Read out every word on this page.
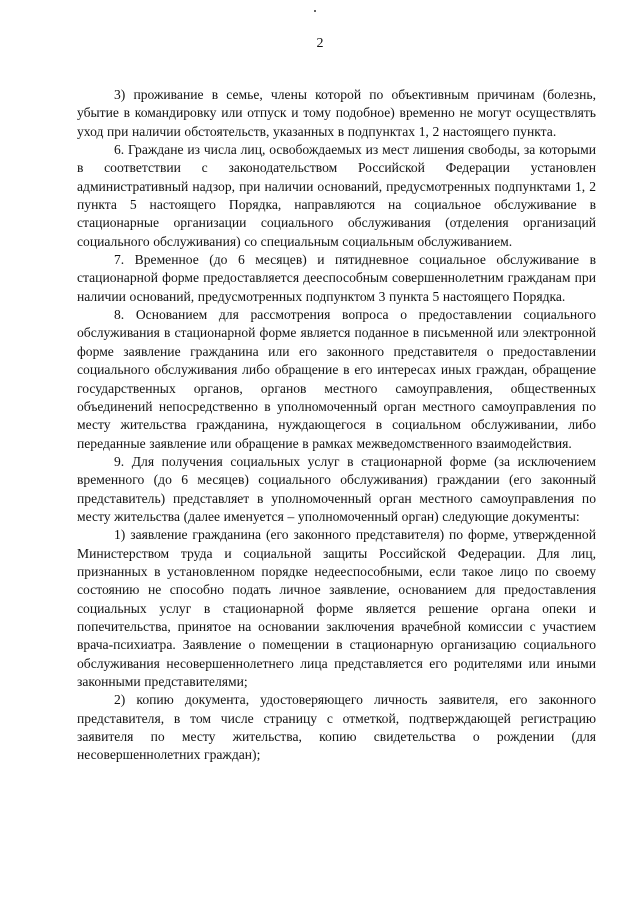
2

3) проживание в семье, члены которой по объективным причинам (болезнь, убытие в командировку или отпуск и тому подобное) временно не могут осуществлять уход при наличии обстоятельств, указанных в подпунктах 1, 2 настоящего пункта.

6. Граждане из числа лиц, освобождаемых из мест лишения свободы, за которыми в соответствии с законодательством Российской Федерации установлен административный надзор, при наличии оснований, предусмотренных подпунктами 1, 2 пункта 5 настоящего Порядка, направляются на социальное обслуживание в стационарные организации социального обслуживания (отделения организаций социального обслуживания) со специальным социальным обслуживанием.

7. Временное (до 6 месяцев) и пятидневное социальное обслуживание в стационарной форме предоставляется дееспособным совершеннолетним гражданам при наличии оснований, предусмотренных подпунктом 3 пункта 5 настоящего Порядка.

8. Основанием для рассмотрения вопроса о предоставлении социального обслуживания в стационарной форме является поданное в письменной или электронной форме заявление гражданина или его законного представителя о предоставлении социального обслуживания либо обращение в его интересах иных граждан, обращение государственных органов, органов местного самоуправления, общественных объединений непосредственно в уполномоченный орган местного самоуправления по месту жительства гражданина, нуждающегося в социальном обслуживании, либо переданные заявление или обращение в рамках межведомственного взаимодействия.

9. Для получения социальных услуг в стационарной форме (за исключением временного (до 6 месяцев) социального обслуживания) граждании (его законный представитель) представляет в уполномоченный орган местного самоуправления по месту жительства (далее именуется – уполномоченный орган) следующие документы:

1) заявление гражданина (его законного представителя) по форме, утвержденной Министерством труда и социальной защиты Российской Федерации. Для лиц, признанных в установленном порядке недееспособными, если такое лицо по своему состоянию не способно подать личное заявление, основанием для предоставления социальных услуг в стационарной форме является решение органа опеки и попечительства, принятое на основании заключения врачебной комиссии с участием врача-психиатра. Заявление о помещении в стационарную организацию социального обслуживания несовершеннолетнего лица представляется его родителями или иными законными представителями;

2) копию документа, удостоверяющего личность заявителя, его законного представителя, в том числе страницу с отметкой, подтверждающей регистрацию заявителя по месту жительства, копию свидетельства о рождении (для несовершеннолетних граждан);
